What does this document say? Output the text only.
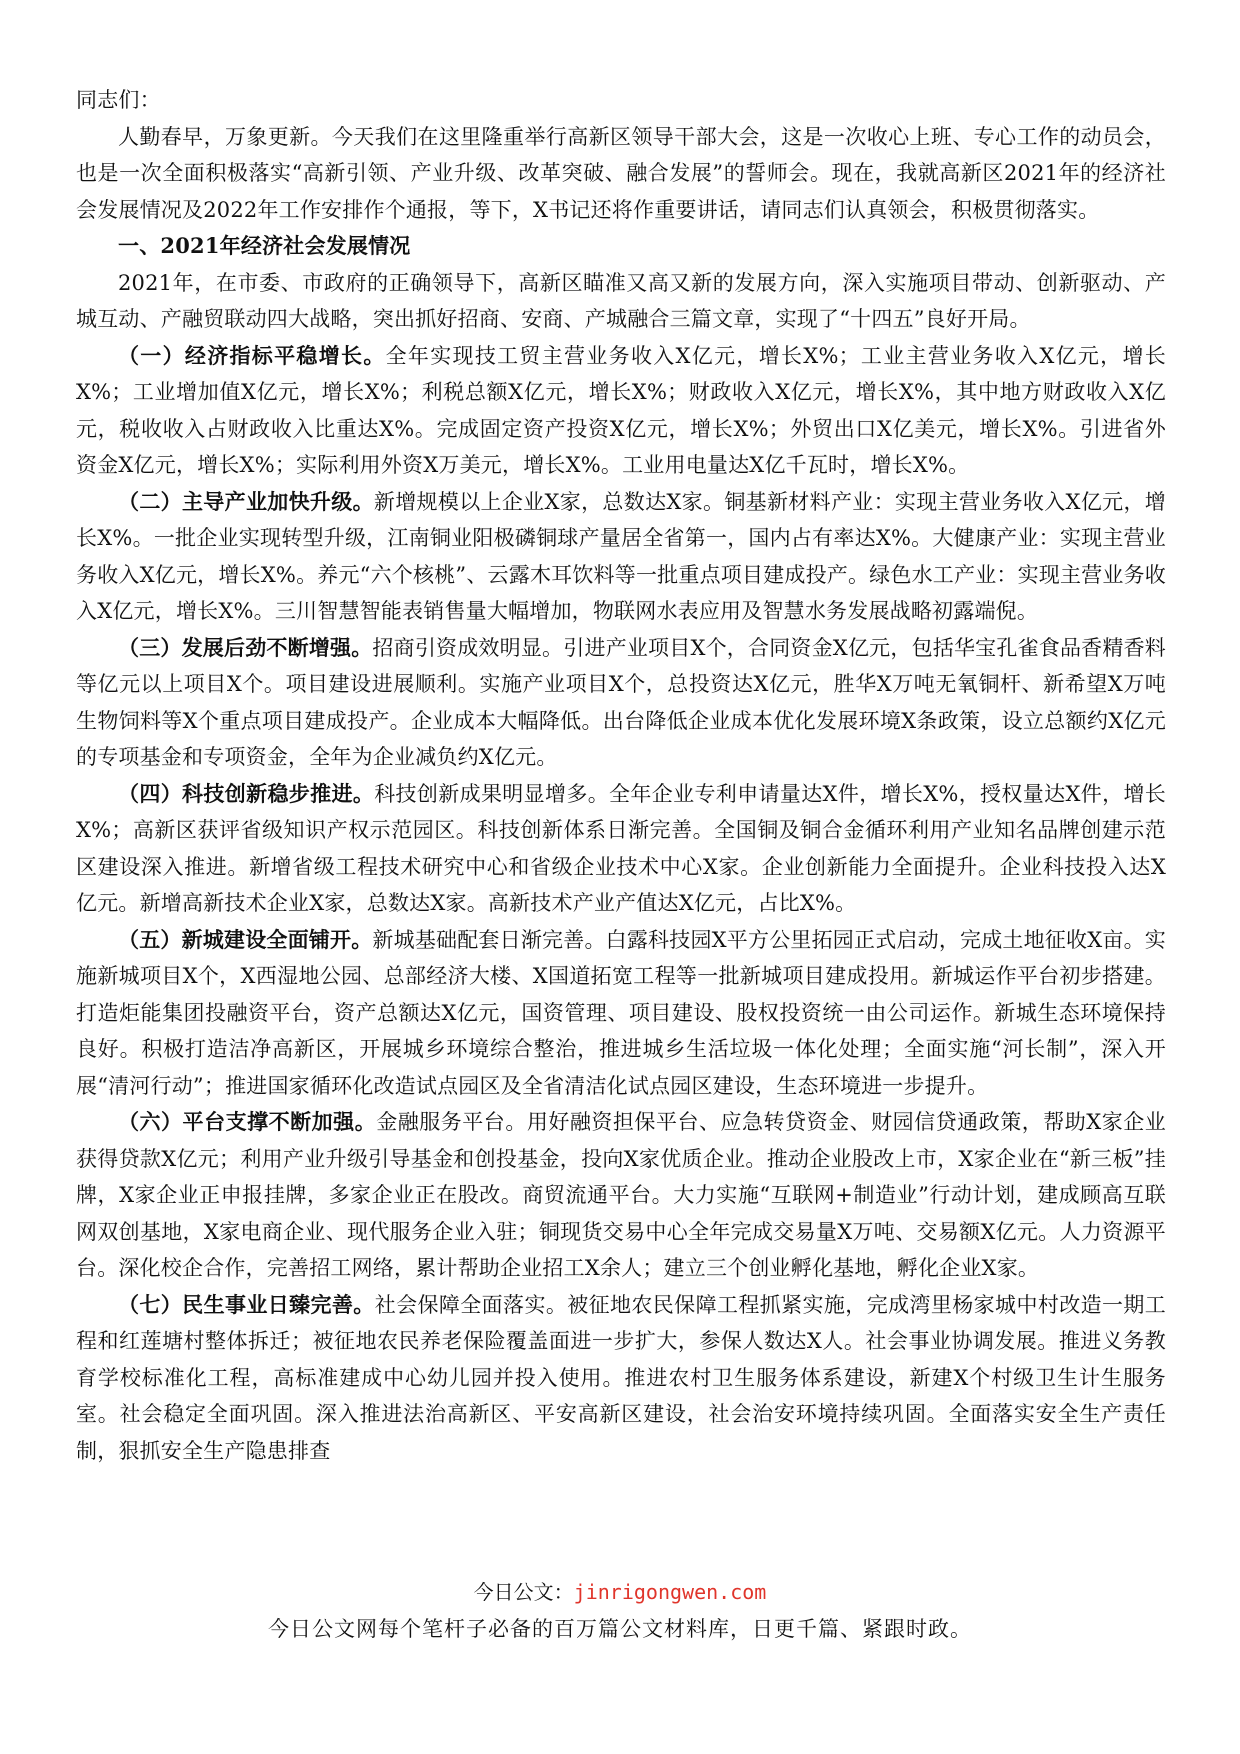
同志们：

人勤春早，万象更新。今天我们在这里隆重举行高新区领导干部大会，这是一次收心上班、专心工作的动员会，也是一次全面积极落实“高新引领、产业升级、改革突破、融合发展”的誓师会。现在，我就高新区2021年的经济社会发展情况及2022年工作安排作个通报，等下，X书记还将作重要讲话，请同志们认真领会，积极贯彻落实。

一、2021年经济社会发展情况

2021年，在市委、市政府的正确领导下，高新区瞄准又高又新的发展方向，深入实施项目带动、创新驱动、产城互动、产融贸联动四大战略，突出抓好招商、安商、产城融合三篇文章，实现了“十四五”良好开局。

（一）经济指标平稳增长。全年实现技工贸主营业务收入X亿元，增长X%；工业主营业务收入X亿元，增长X%；工业增加值X亿元，增长X%；利税总额X亿元，增长X%；财政收入X亿元，增长X%，其中地方财政收入X亿元，税收收入占财政收入比重达X%。完成固定资产投资X亿元，增长X%；外贸出口X亿美元，增长X%。引进省外资金X亿元，增长X%；实际利用外资X万美元，增长X%。工业用电量达X亿千瓦时，增长X%。

（二）主导产业加快升级。新增规模以上企业X家，总数达X家。铜基新材料产业：实现主营业务收入X亿元，增长X%。一批企业实现转型升级，江南铜业阳极磷铜球产量居全省第一，国内占有率达X%。大健康产业：实现主营业务收入X亿元，增长X%。养元“六个核桃”、云露木耳饮料等一批重点项目建成投产。绿色水工产业：实现主营业务收入X亿元，增长X%。三川智慧智能表销售量大幅增加，物联网水表应用及智慧水务发展战略初露端倪。

（三）发展后劲不断增强。招商引资成效明显。引进产业项目X个，合同资金X亿元，包括华宝孔雀食品香精香料等亿元以上项目X个。项目建设进展顺利。实施产业项目X个，总投资达X亿元，胜华X万吨无氧铜杆、新希望X万吨生物饲料等X个重点项目建成投产。企业成本大幅降低。出台降低企业成本优化发展环境X条政策，设立总额约X亿元的专项基金和专项资金，全年为企业减负约X亿元。

（四）科技创新稳步推进。科技创新成果明显增多。全年企业专利申请量达X件，增长X%，授权量达X件，增长X%；高新区获评省级知识产权示范园区。科技创新体系日渐完善。全国铜及铜合金循环利用产业知名品牌创建示范区建设深入推进。新增省级工程技术研究中心和省级企业技术中心X家。企业创新能力全面提升。企业科技投入达X亿元。新增高新技术企业X家，总数达X家。高新技术产业产值达X亿元，占比X%。

（五）新城建设全面铺开。新城基础配套日渐完善。白露科技园X平方公里拓园正式启动，完成土地征收X亩。实施新城项目X个，X西湿地公园、总部经济大楼、X国道拓宽工程等一批新城项目建成投用。新城运作平台初步搭建。打造炬能集团投融资平台，资产总额达X亿元，国资管理、项目建设、股权投资统一由公司运作。新城生态环境保持良好。积极打造洁净高新区，开展城乡环境综合整治，推进城乡生活垃圾一体化处理；全面实施“河长制”，深入开展“清河行动”；推进国家循环化改造试点园区及全省清洁化试点园区建设，生态环境进一步提升。

（六）平台支撑不断加强。金融服务平台。用好融资担保平台、应急转贷资金、财园信贷通政策，帮助X家企业获得贷款X亿元；利用产业升级引导基金和创投基金，投向X家优质企业。推动企业股改上市，X家企业在“新三板”挂牌，X家企业正申报挂牌，多家企业正在股改。商贸流通平台。大力实施“互联网+制造业”行动计划，建成顾高互联网双创基地，X家电商企业、现代服务企业入驻；铜现货交易中心全年完成交易量X万吨、交易额X亿元。人力资源平台。深化校企合作，完善招工网络，累计帮助企业招工X余人；建立三个创业孵化基地，孵化企业X家。

（七）民生事业日臻完善。社会保障全面落实。被征地农民保障工程抓紧实施，完成湾里杨家城中村改造一期工程和红莲塘村整体拆迁；被征地农民养老保险覆盖面进一步扩大，参保人数达X人。社会事业协调发展。推进义务教育学校标准化工程，高标准建成中心幼儿园并投入使用。推进农村卫生服务体系建设，新建X个村级卫生计生服务室。社会稳定全面巩固。深入推进法治高新区、平安高新区建设，社会治安环境持续巩固。全面落实安全生产责任制，狠抓安全生产隐患排查

今日公文：jinrigongwen.com
今日公文网每个笔杆子必备的百万篇公文材料库，日更千篇、紧跟时政。
